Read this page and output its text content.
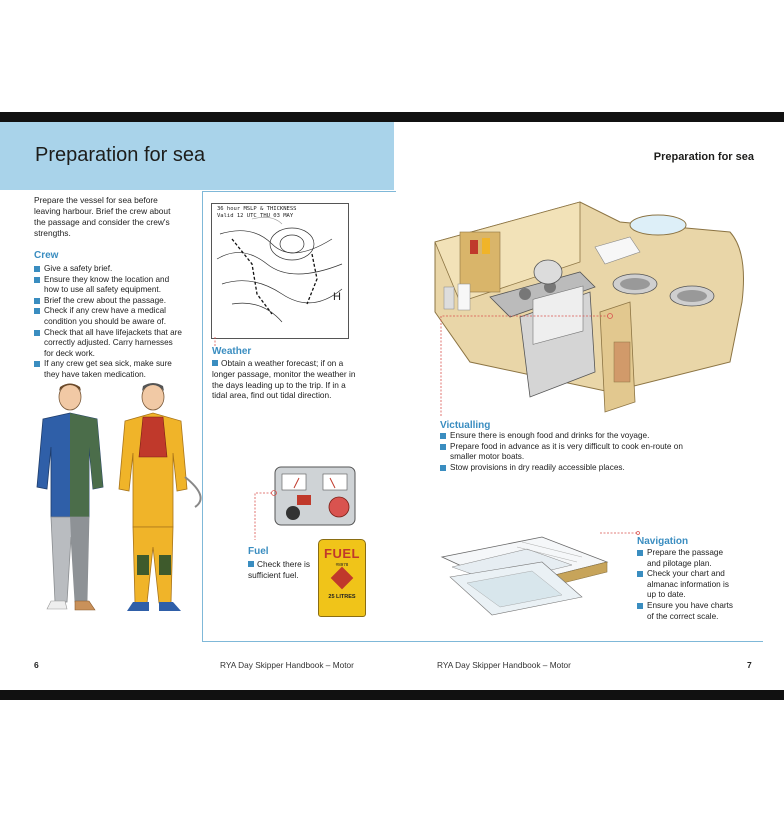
Preparation for sea	Preparation for sea
Prepare the vessel for sea before leaving harbour. Brief the crew about the passage and consider the crew's strengths.
Crew
Give a safety brief.
Ensure they know the location and how to use all safety equipment.
Brief the crew about the passage.
Check if any crew have a medical condition you should be aware of.
Check that all have lifejackets that are correctly adjusted. Carry harnesses for deck work.
If any crew get sea sick, make sure they have taken medication.
36 hour MSLP & THICKNESS
Valid 12 UTC THU 03 MAY
H
Weather
Obtain a weather forecast; if on a longer passage, monitor the weather in the days leading up to the trip. If in a tidal area, find out tidal direction.
Victualling
Ensure there is enough food and drinks for the voyage.
Prepare food in advance as it is very difficult to cook en-route on smaller motor boats.
Stow provisions in dry readily accessible places.
Fuel
Check there is sufficient fuel.
FUEL
#8978
25 LITRES
Navigation
Prepare the passage and pilotage plan.
Check your chart and almanac information is up to date.
Ensure you have charts of the correct scale.
6	RYA Day Skipper Handbook – Motor	RYA Day Skipper Handbook – Motor	7
